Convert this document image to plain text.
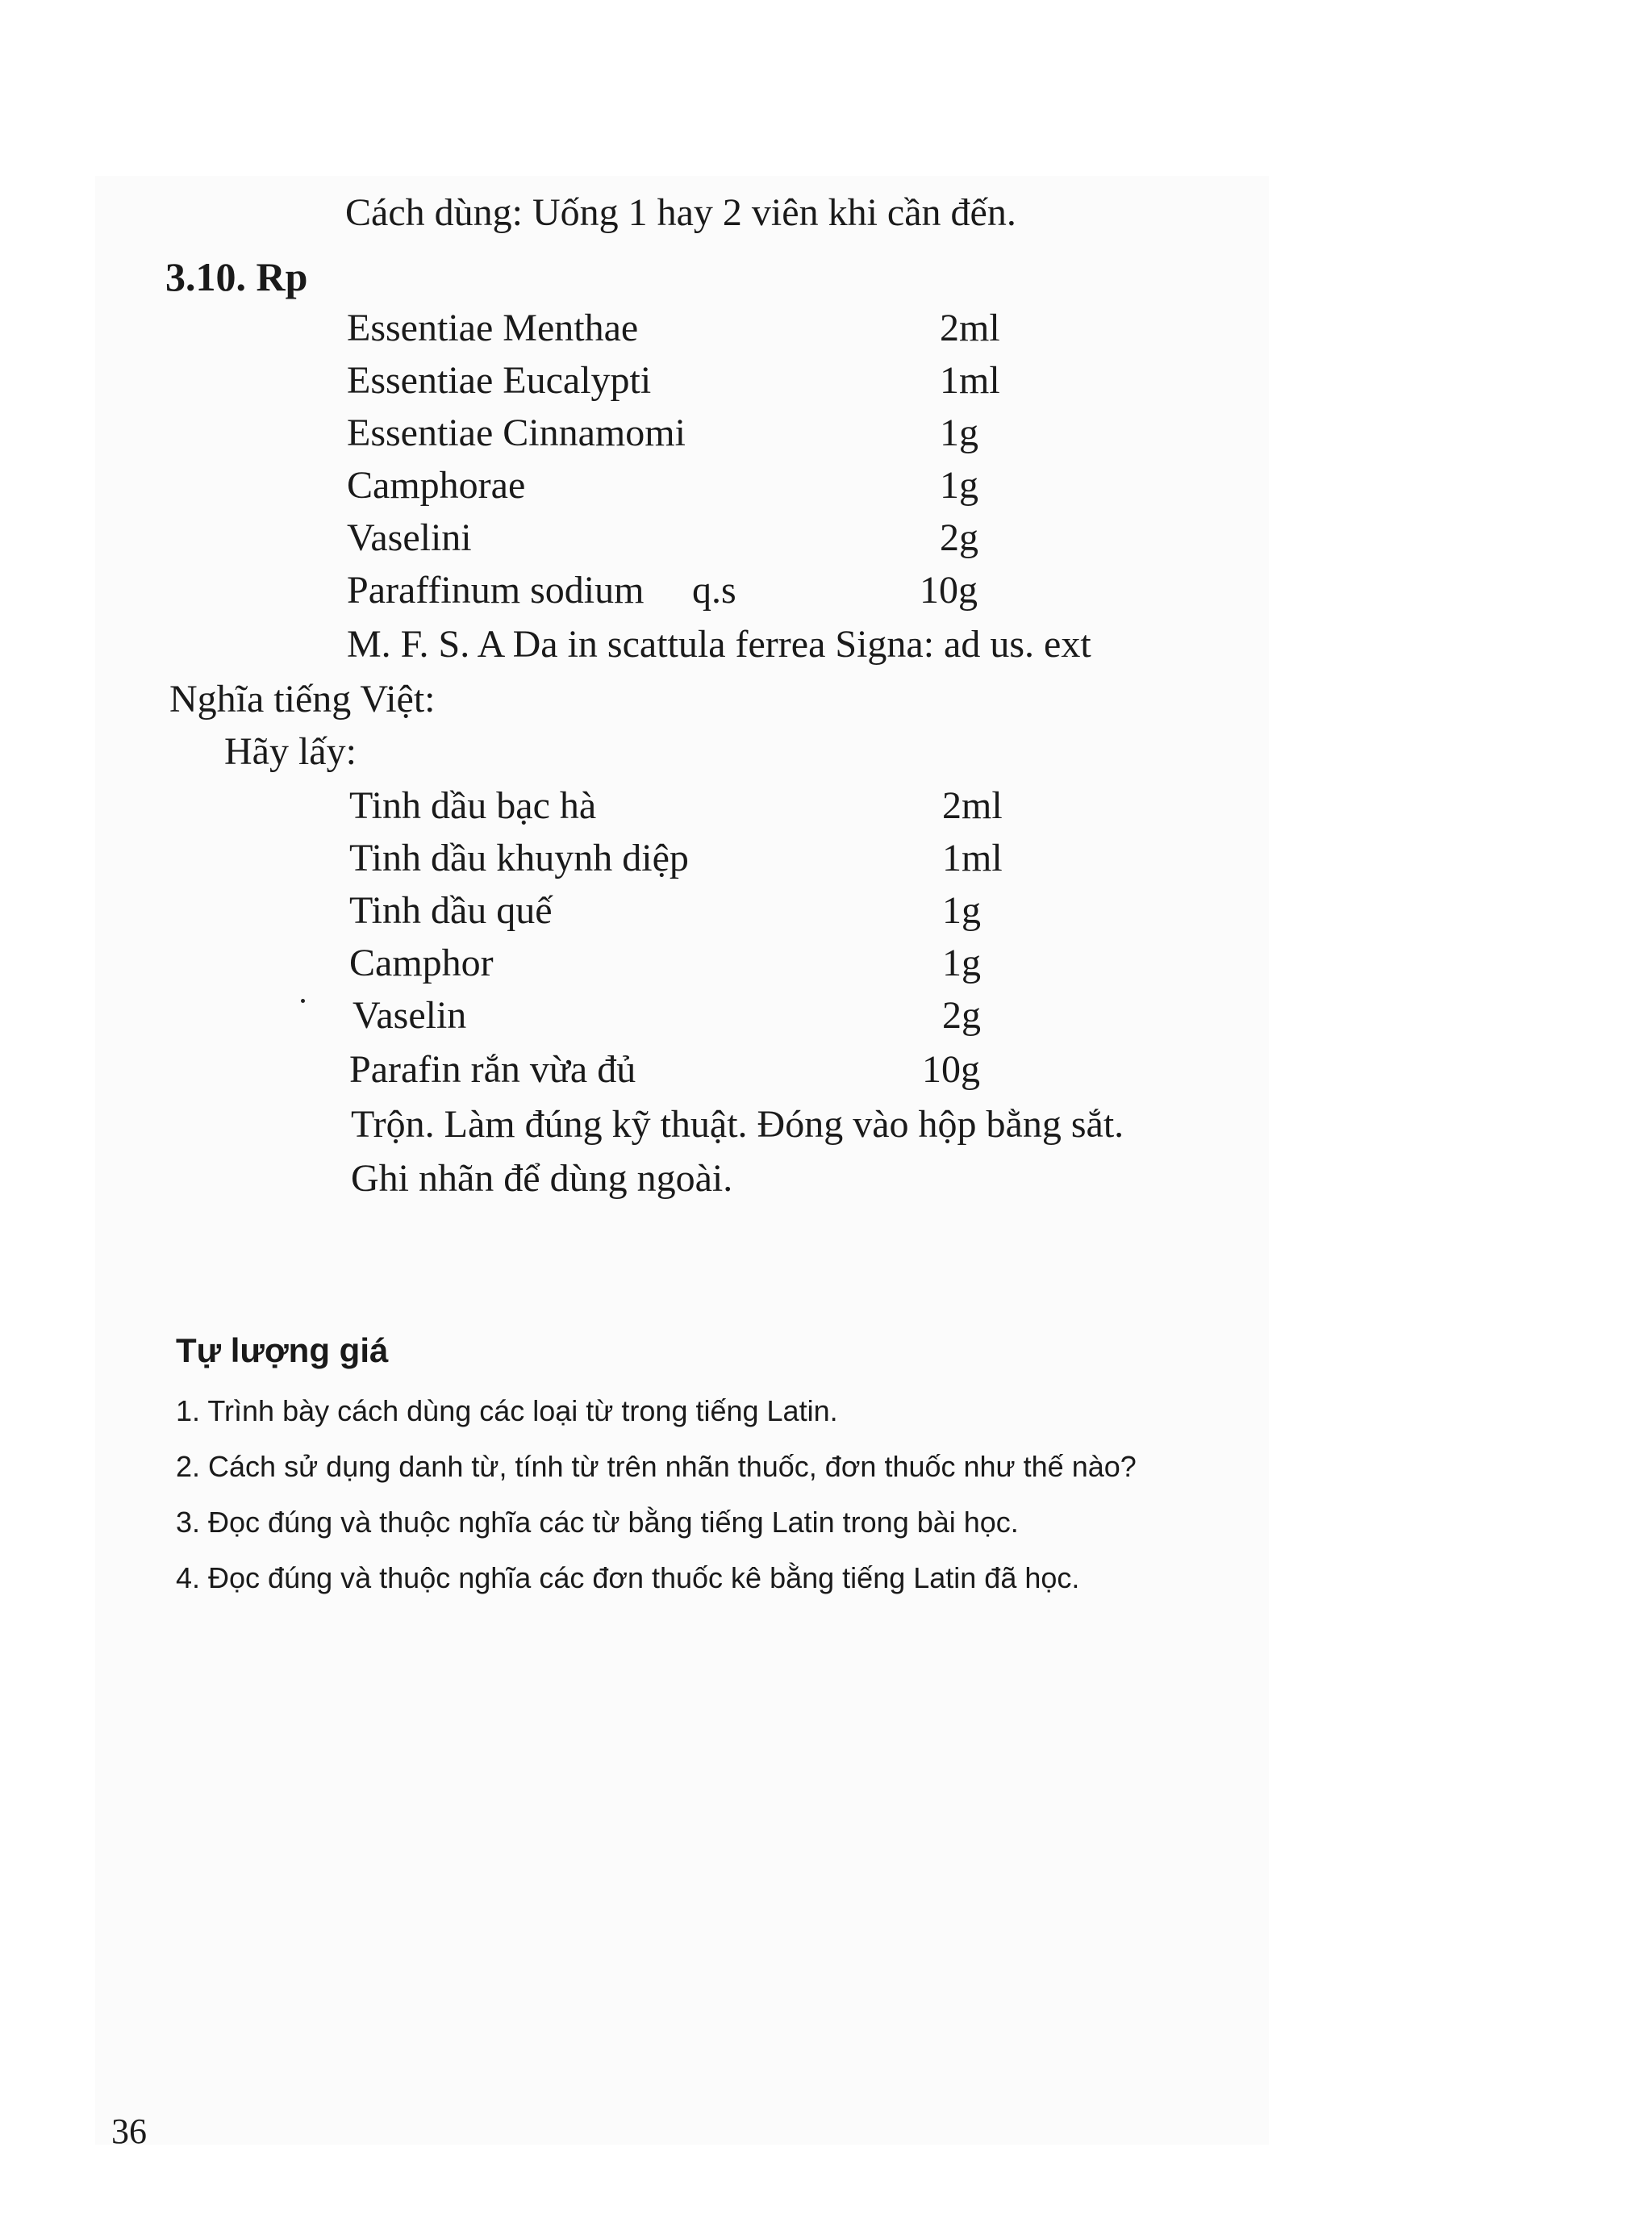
Cách dùng: Uống 1 hay 2 viên khi cần đến.
3.10. Rp
Essentiae Menthae	2ml
Essentiae Eucalypti	1ml
Essentiae Cinnamomi	1g
Camphorae	1g
Vaselini	2g
Paraffinum sodium q.s	10g
M. F. S. A Da in scattula ferrea Signa: ad us. ext
Nghĩa tiếng Việt:
Hãy lấy:
Tinh dầu bạc hà	2ml
Tinh dầu khuynh diệp	1ml
Tinh dầu quế	1g
Camphor	1g
Vaselin	2g
Parafin rắn vừa đủ	10g
Trộn. Làm đúng kỹ thuật. Đóng vào hộp bằng sắt.
Ghi nhãn để dùng ngoài.
Tự lượng giá
1. Trình bày cách dùng các loại từ trong tiếng Latin.
2. Cách sử dụng danh từ, tính từ trên nhãn thuốc, đơn thuốc như thế nào?
3. Đọc đúng và thuộc nghĩa các từ bằng tiếng Latin trong bài học.
4. Đọc đúng và thuộc nghĩa các đơn thuốc kê bằng tiếng Latin đã học.
36
